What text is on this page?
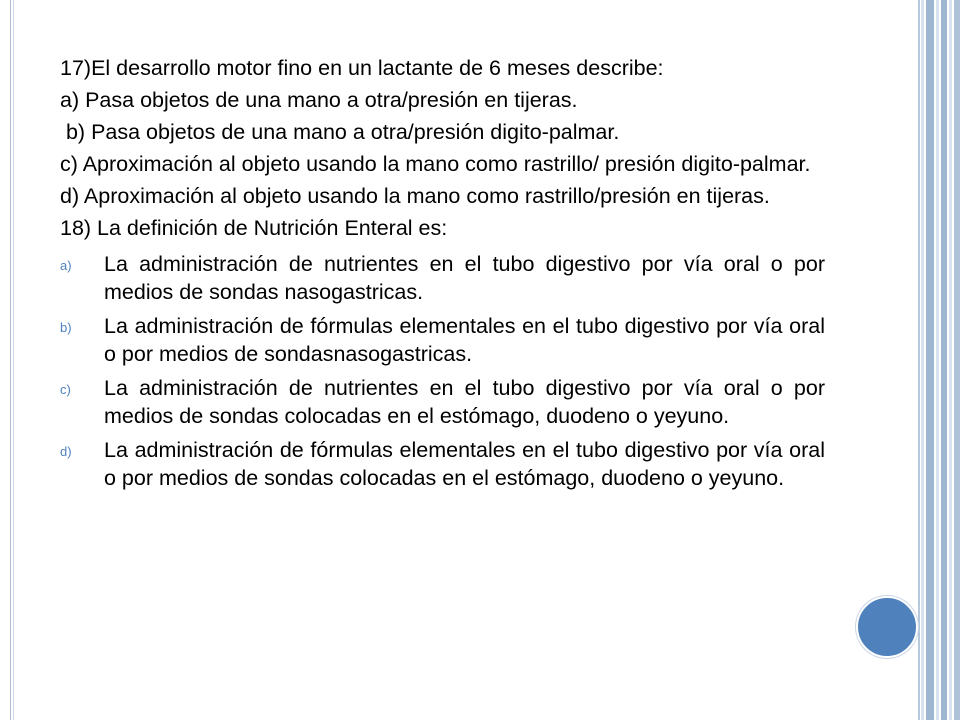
17)El desarrollo motor fino en un lactante de 6 meses describe:

a) Pasa objetos de una mano a otra/presión en tijeras.

b) Pasa objetos de una mano a otra/presión digito-palmar.

c) Aproximación al objeto usando la mano como rastrillo/ presión digito-palmar.

d) Aproximación al objeto usando la mano como rastrillo/presión en tijeras.

18) La definición de Nutrición Enteral es:

a) La administración de nutrientes en el tubo digestivo por vía oral o por medios de sondas nasogastricas.
b) La administración de fórmulas elementales en el tubo digestivo por vía oral o por medios de sondasnasogastricas.
c) La administración de nutrientes en el tubo digestivo por vía oral o por medios de sondas colocadas en el estómago, duodeno o yeyuno.
d) La administración de fórmulas elementales en el tubo digestivo por vía oral o por medios de sondas colocadas en el estómago, duodeno o yeyuno.
